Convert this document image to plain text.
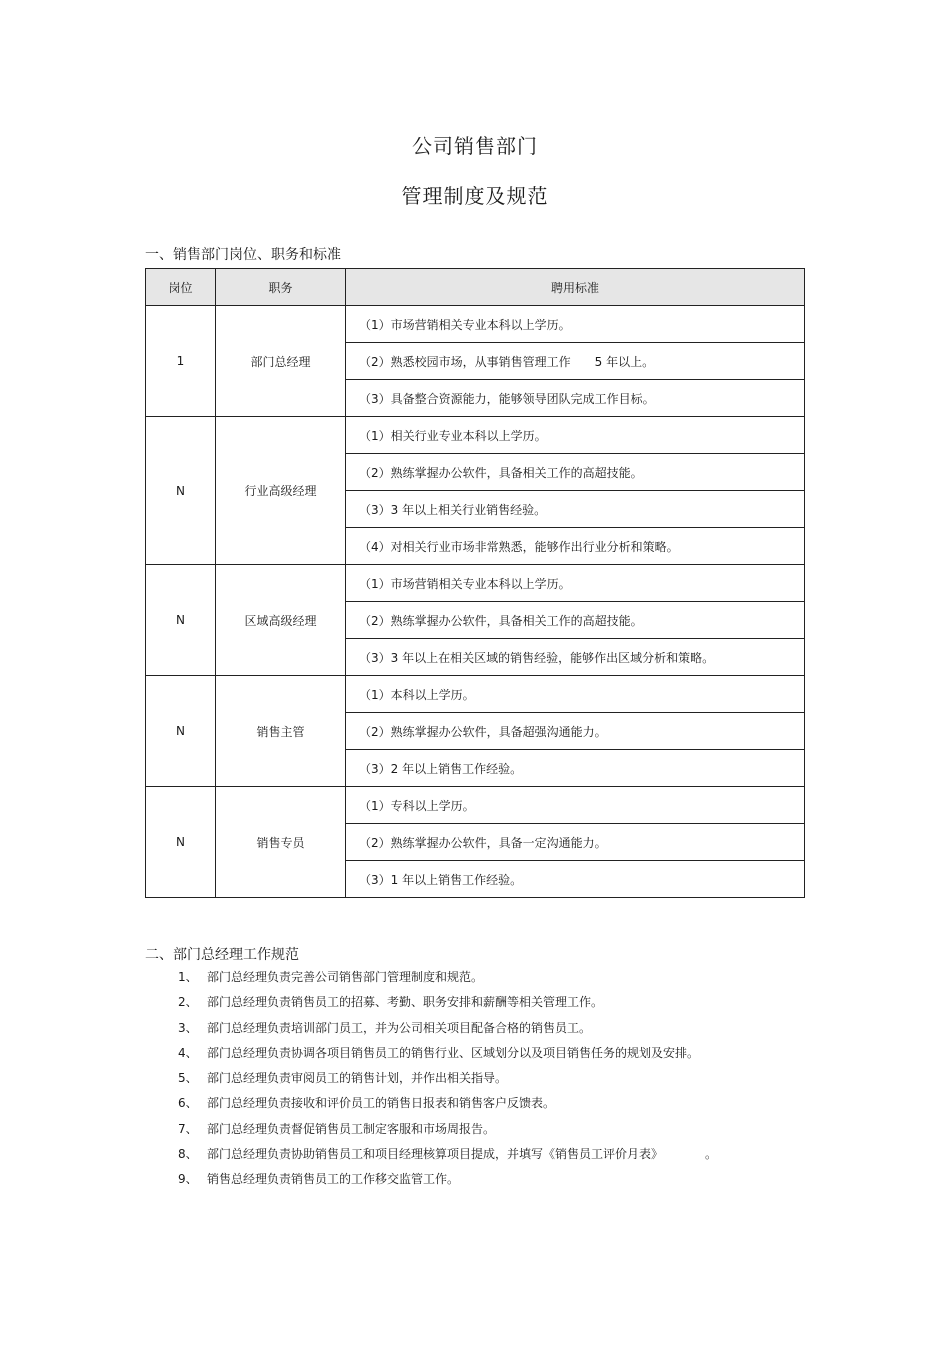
公司销售部门
管理制度及规范
一、销售部门岗位、职务和标准
岗位	职务	聘用标准
1	部门总经理	（1）市场营销相关专业本科以上学历。
		（2）熟悉校园市场，从事销售管理工作　　5 年以上。
		（3）具备整合资源能力，能够领导团队完成工作目标。
N	行业高级经理	（1）相关行业专业本科以上学历。
		（2）熟练掌握办公软件，具备相关工作的高超技能。
		（3）3 年以上相关行业销售经验。
		（4）对相关行业市场非常熟悉，能够作出行业分析和策略。
N	区域高级经理	（1）市场营销相关专业本科以上学历。
		（2）熟练掌握办公软件，具备相关工作的高超技能。
		（3）3 年以上在相关区域的销售经验，能够作出区域分析和策略。
N	销售主管	（1）本科以上学历。
		（2）熟练掌握办公软件，具备超强沟通能力。
		（3）2 年以上销售工作经验。
N	销售专员	（1）专科以上学历。
		（2）熟练掌握办公软件，具备一定沟通能力。
		（3）1 年以上销售工作经验。
二、部门总经理工作规范
1、 部门总经理负责完善公司销售部门管理制度和规范。
2、 部门总经理负责销售员工的招募、考勤、职务安排和薪酬等相关管理工作。
3、 部门总经理负责培训部门员工，并为公司相关项目配备合格的销售员工。
4、 部门总经理负责协调各项目销售员工的销售行业、区域划分以及项目销售任务的规划及安排。
5、 部门总经理负责审阅员工的销售计划，并作出相关指导。
6、 部门总经理负责接收和评价员工的销售日报表和销售客户反馈表。
7、 部门总经理负责督促销售员工制定客服和市场周报告。
8、 部门总经理负责协助销售员工和项目经理核算项目提成，并填写《销售员工评价月表》　　　　。
9、 销售总经理负责销售员工的工作移交监管工作。
